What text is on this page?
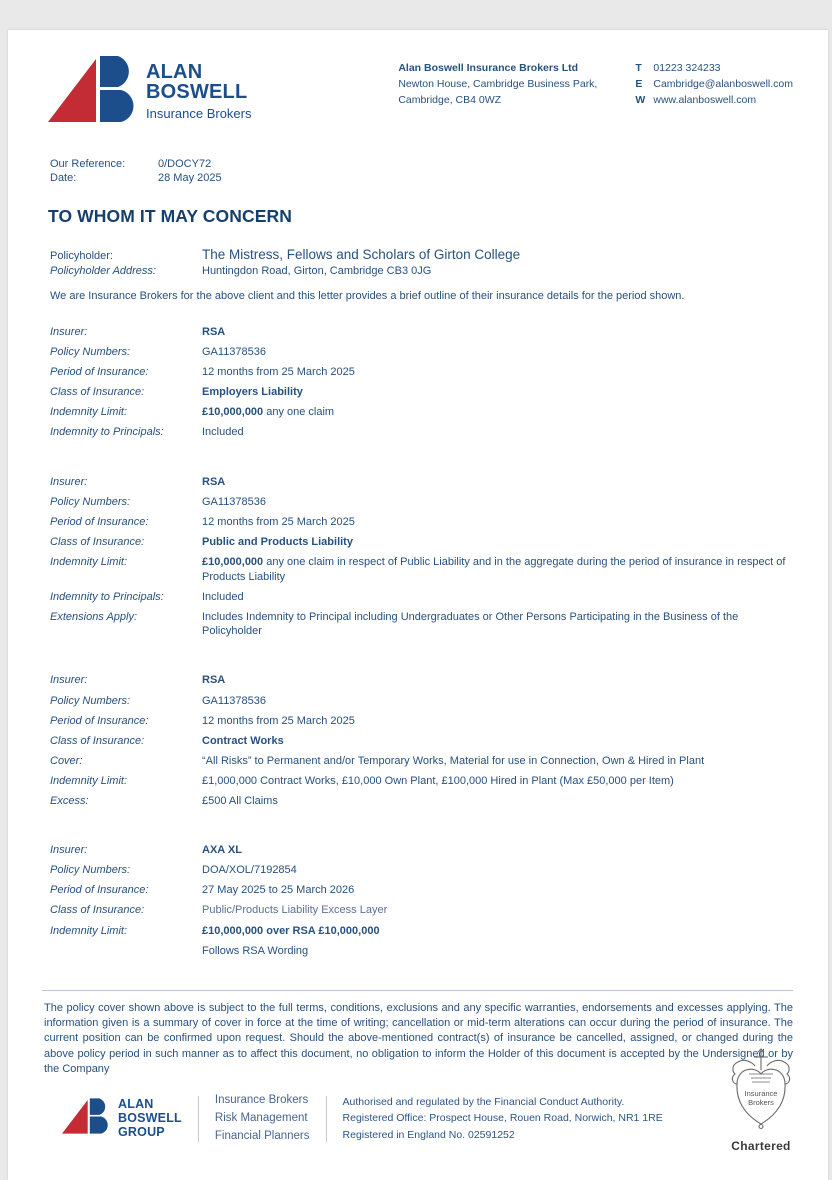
ALAN
BOSWELL
Insurance Brokers
Alan Boswell Insurance Brokers Ltd
Newton House, Cambridge Business Park,
Cambridge, CB4 0WZ
T	01223 324233
E	Cambridge@alanboswell.com
W www.alanboswell.com
Our Reference:	0/DOCY72
Date:	28 May 2025
TO WHOM IT MAY CONCERN
Policyholder:	The Mistress, Fellows and Scholars of Girton College
Policyholder Address:	Huntingdon Road, Girton, Cambridge CB3 0JG
We are Insurance Brokers for the above client and this letter provides a brief outline of their insurance details for the period shown.
Insurer:	RSA
Policy Numbers:	GA11378536
Period of Insurance:	12 months from 25 March 2025
Class of Insurance:	Employers Liability
Indemnity Limit:	£10,000,000 any one claim
Indemnity to Principals:	Included
Insurer:	RSA
Policy Numbers:	GA11378536
Period of Insurance:	12 months from 25 March 2025
Class of Insurance:	Public and Products Liability
Indemnity Limit:	£10,000,000 any one claim in respect of Public Liability and in the aggregate during the period of insurance in respect of Products Liability
Indemnity to Principals:	Included
Extensions Apply:	Includes Indemnity to Principal including Undergraduates or Other Persons Participating in the Business of the Policyholder
Insurer:	RSA
Policy Numbers:	GA11378536
Period of Insurance:	12 months from 25 March 2025
Class of Insurance:	Contract Works
Cover:	“All Risks” to Permanent and/or Temporary Works, Material for use in Connection, Own & Hired in Plant
Indemnity Limit:	£1,000,000 Contract Works, £10,000 Own Plant, £100,000 Hired in Plant (Max £50,000 per Item)
Excess:	£500 All Claims
Insurer:	AXA XL
Policy Numbers:	DOA/XOL/7192854
Period of Insurance:	27 May 2025 to 25 March 2026
Class of Insurance:	Public/Products Liability Excess Layer
Indemnity Limit:	£10,000,000 over RSA £10,000,000
Follows RSA Wording
The policy cover shown above is subject to the full terms, conditions, exclusions and any specific warranties, endorsements and excesses applying. The information given is a summary of cover in force at the time of writing; cancellation or mid-term alterations can occur during the period of insurance. The current position can be confirmed upon request. Should the above-mentioned contract(s) of insurance be cancelled, assigned, or changed during the above policy period in such manner as to affect this document, no obligation to inform the Holder of this document is accepted by the Undersigned or by the Company
ALAN
BOSWELL
GROUP
Insurance Brokers
Risk Management
Financial Planners
Authorised and regulated by the Financial Conduct Authority.
Registered Office: Prospect House, Rouen Road, Norwich, NR1 1RE
Registered in England No. 02591252
Insurance
Brokers
Chartered
